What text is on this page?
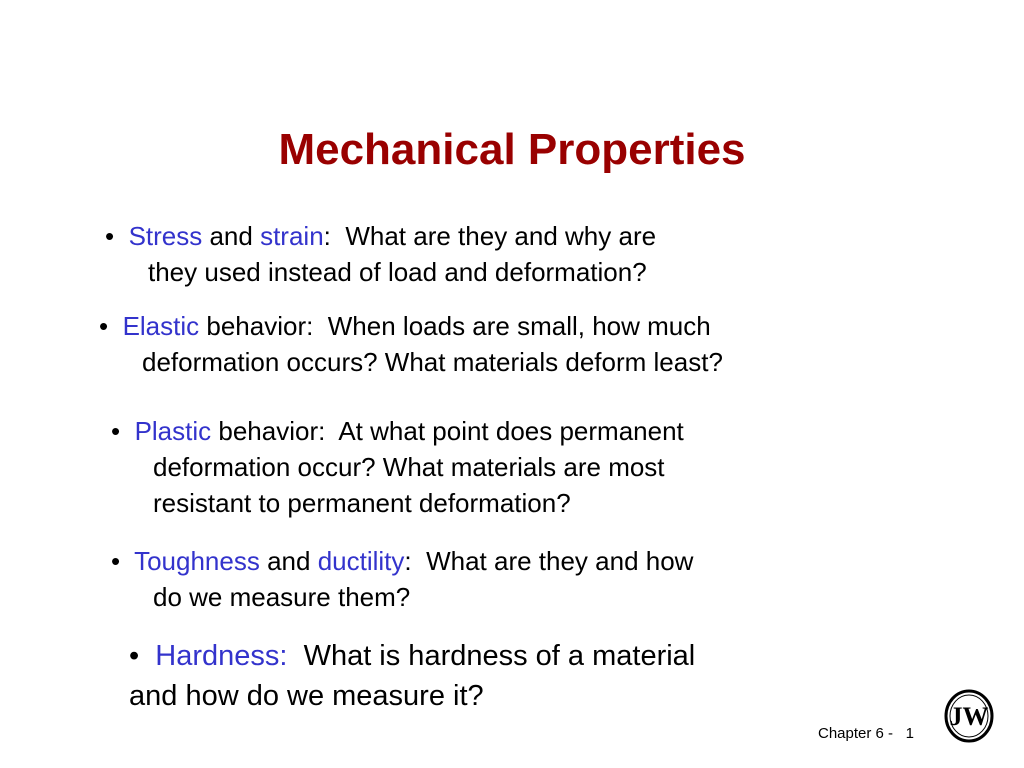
Mechanical Properties
• Stress and strain:  What are they and why are
they used instead of load and deformation?
• Elastic behavior:  When loads are small, how much
deformation occurs? What materials deform least?
• Plastic behavior:  At what point does permanent
deformation occur? What materials are most
resistant to permanent deformation?
• Toughness and ductility:  What are they and how
do we measure them?
• Hardness:  What is hardness of a material
and how do we measure it?
Chapter 6 - 1
JW
